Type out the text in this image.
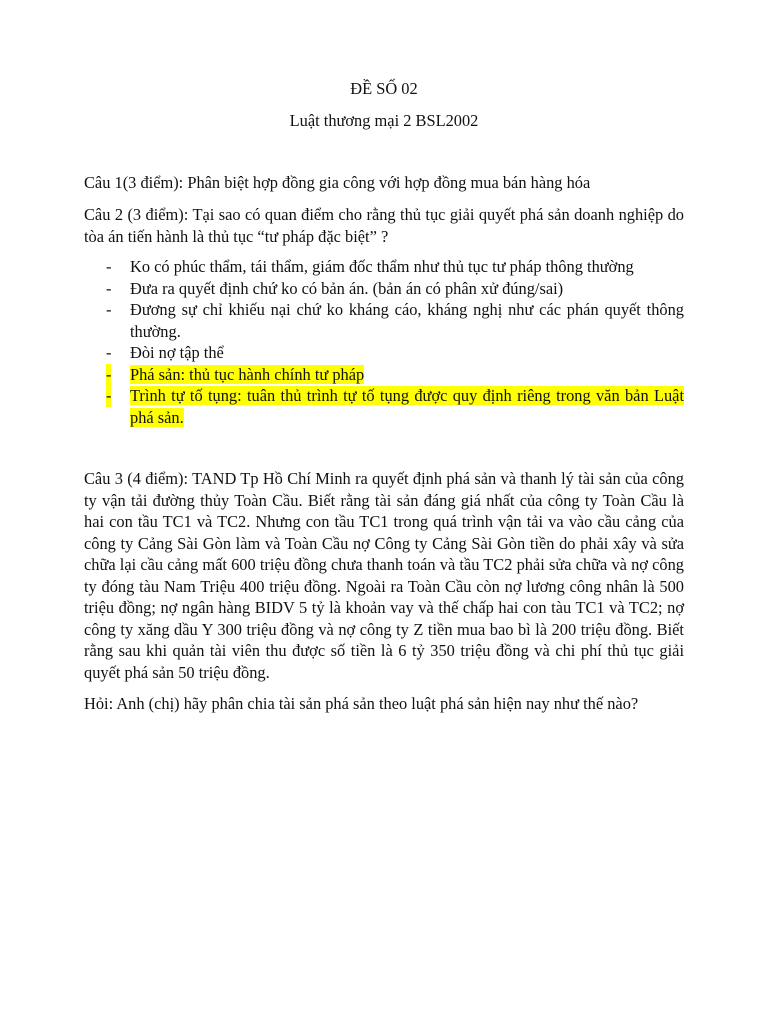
ĐỀ SỐ 02
Luật thương mại 2 BSL2002
Câu 1(3 điểm): Phân biệt hợp đồng gia công với hợp đồng mua bán hàng hóa
Câu 2 (3 điểm): Tại sao có quan điểm cho rằng thủ tục giải quyết phá sản doanh nghiệp do tòa án tiến hành là thủ tục “tư pháp đặc biệt” ?
- Ko có phúc thẩm, tái thẩm, giám đốc thẩm như thủ tục tư pháp thông thường
- Đưa ra quyết định chứ ko có bản án. (bản án có phân xử đúng/sai)
- Đương sự chỉ khiếu nại chứ ko kháng cáo, kháng nghị như các phán quyết thông thường.
- Đòi nợ tập thể
- Phá sản: thủ tục hành chính tư pháp
- Trình tự tố tụng: tuân thủ trình tự tố tụng được quy định riêng trong văn bản Luật phá sản.
Câu 3 (4 điểm): TAND Tp Hồ Chí Minh ra quyết định phá sản và thanh lý tài sản của công ty vận tải đường thủy Toàn Cầu. Biết rằng tài sản đáng giá nhất của công ty Toàn Cầu là hai con tầu TC1 và TC2. Nhưng con tầu TC1 trong quá trình vận tải va vào cầu cảng của công ty Cảng Sài Gòn làm và Toàn Cầu nợ Công ty Cảng Sài Gòn tiền do phải xây và sửa chữa lại cầu cảng mất 600 triệu đồng chưa thanh toán và tầu TC2 phải sửa chữa và nợ công ty đóng tàu Nam Triệu 400 triệu đồng. Ngoài ra Toàn Cầu còn nợ lương công nhân là 500 triệu đồng; nợ ngân hàng BIDV 5 tỷ là khoản vay và thế chấp hai con tàu TC1 và TC2; nợ công ty xăng dầu Y 300 triệu đồng và nợ công ty Z tiền mua bao bì là 200 triệu đồng. Biết rằng sau khi quản tài viên thu được số tiền là 6 tỷ 350 triệu đồng và chi phí thủ tục giải quyết phá sản 50 triệu đồng.
Hỏi: Anh (chị) hãy phân chia tài sản phá sản theo luật phá sản hiện nay như thế nào?
